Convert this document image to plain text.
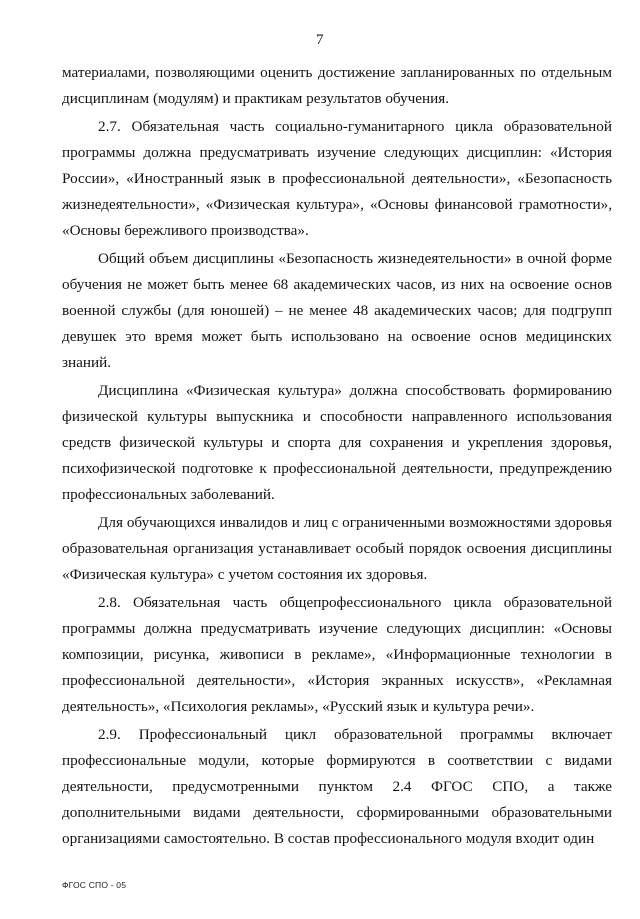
7

материалами, позволяющими оценить достижение запланированных по отдельным дисциплинам (модулям) и практикам результатов обучения.

2.7. Обязательная часть социально-гуманитарного цикла образовательной программы должна предусматривать изучение следующих дисциплин: «История России», «Иностранный язык в профессиональной деятельности», «Безопасность жизнедеятельности», «Физическая культура», «Основы финансовой грамотности», «Основы бережливого производства».

Общий объем дисциплины «Безопасность жизнедеятельности» в очной форме обучения не может быть менее 68 академических часов, из них на освоение основ военной службы (для юношей) – не менее 48 академических часов; для подгрупп девушек это время может быть использовано на освоение основ медицинских знаний.

Дисциплина «Физическая культура» должна способствовать формированию физической культуры выпускника и способности направленного использования средств физической культуры и спорта для сохранения и укрепления здоровья, психофизической подготовке к профессиональной деятельности, предупреждению профессиональных заболеваний.

Для обучающихся инвалидов и лиц с ограниченными возможностями здоровья образовательная организация устанавливает особый порядок освоения дисциплины «Физическая культура» с учетом состояния их здоровья.

2.8. Обязательная часть общепрофессионального цикла образовательной программы должна предусматривать изучение следующих дисциплин: «Основы композиции, рисунка, живописи в рекламе», «Информационные технологии в профессиональной деятельности», «История экранных искусств», «Рекламная деятельность», «Психология рекламы», «Русский язык и культура речи».

2.9. Профессиональный цикл образовательной программы включает профессиональные модули, которые формируются в соответствии с видами деятельности, предусмотренными пунктом 2.4 ФГОС СПО, а также дополнительными видами деятельности, сформированными образовательными организациями самостоятельно. В состав профессионального модуля входит один

ФГОС СПО - 05
